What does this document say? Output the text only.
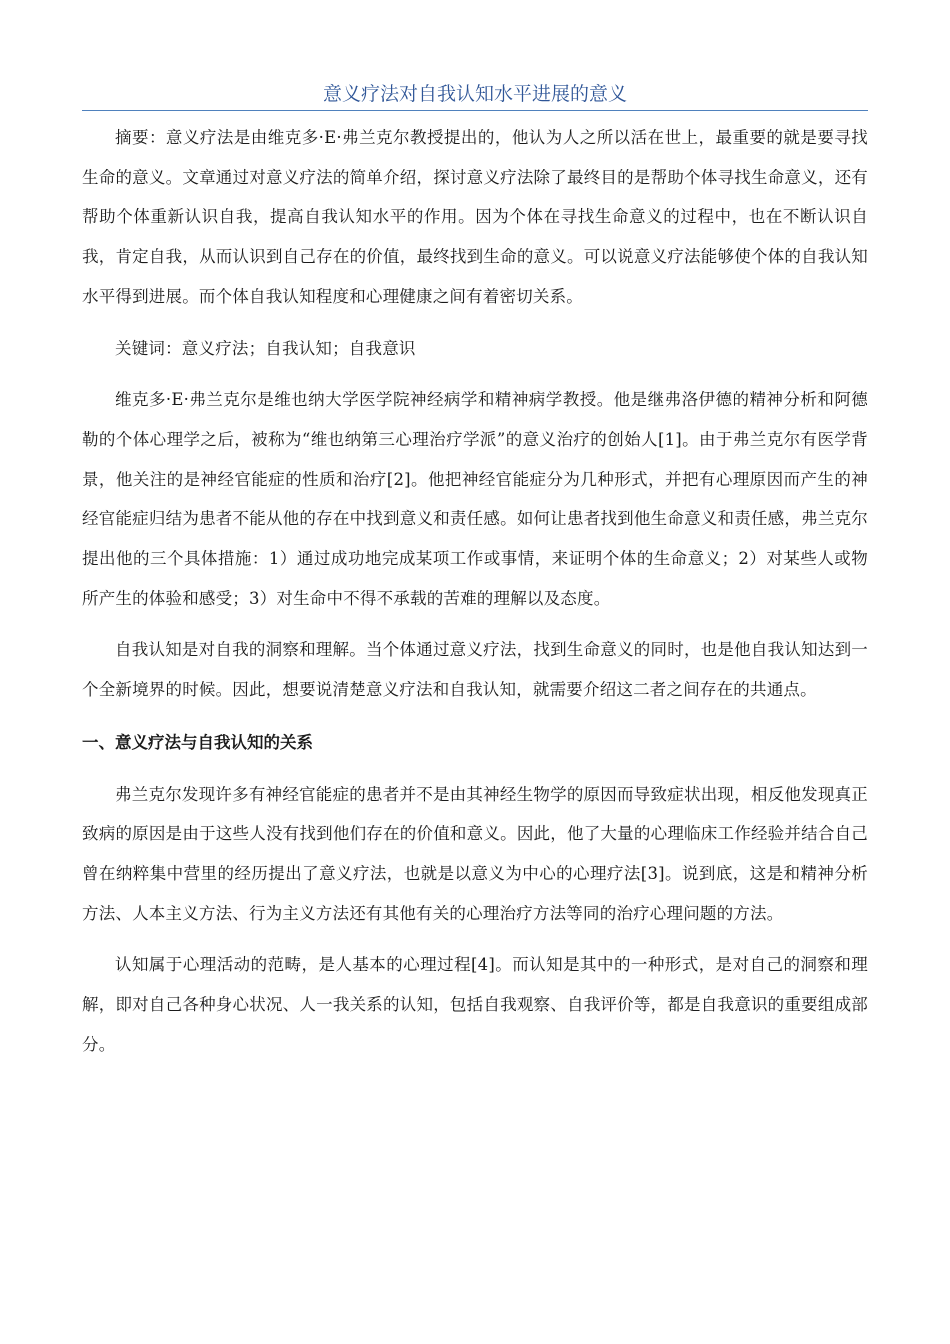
意义疗法对自我认知水平进展的意义

摘要：意义疗法是由维克多·E·弗兰克尔教授提出的，他认为人之所以活在世上，最重要的就是要寻找生命的意义。文章通过对意义疗法的简单介绍，探讨意义疗法除了最终目的是帮助个体寻找生命意义，还有帮助个体重新认识自我，提高自我认知水平的作用。因为个体在寻找生命意义的过程中，也在不断认识自我，肯定自我，从而认识到自己存在的价值，最终找到生命的意义。可以说意义疗法能够使个体的自我认知水平得到进展。而个体自我认知程度和心理健康之间有着密切关系。

关键词：意义疗法；自我认知；自我意识

维克多·E·弗兰克尔是维也纳大学医学院神经病学和精神病学教授。他是继弗洛伊德的精神分析和阿德勒的个体心理学之后，被称为“维也纳第三心理治疗学派”的意义治疗的创始人[1]。由于弗兰克尔有医学背景，他关注的是神经官能症的性质和治疗[2]。他把神经官能症分为几种形式，并把有心理原因而产生的神经官能症归结为患者不能从他的存在中找到意义和责任感。如何让患者找到他生命意义和责任感，弗兰克尔提出他的三个具体措施：1）通过成功地完成某项工作或事情，来证明个体的生命意义；2）对某些人或物所产生的体验和感受；3）对生命中不得不承载的苦难的理解以及态度。

自我认知是对自我的洞察和理解。当个体通过意义疗法，找到生命意义的同时，也是他自我认知达到一个全新境界的时候。因此，想要说清楚意义疗法和自我认知，就需要介绍这二者之间存在的共通点。

一、意义疗法与自我认知的关系

弗兰克尔发现许多有神经官能症的患者并不是由其神经生物学的原因而导致症状出现，相反他发现真正致病的原因是由于这些人没有找到他们存在的价值和意义。因此，他了大量的心理临床工作经验并结合自己曾在纳粹集中营里的经历提出了意义疗法，也就是以意义为中心的心理疗法[3]。说到底，这是和精神分析方法、人本主义方法、行为主义方法还有其他有关的心理治疗方法等同的治疗心理问题的方法。

认知属于心理活动的范畴，是人基本的心理过程[4]。而认知是其中的一种形式，是对自己的洞察和理解，即对自己各种身心状况、人一我关系的认知，包括自我观察、自我评价等，都是自我意识的重要组成部分。
